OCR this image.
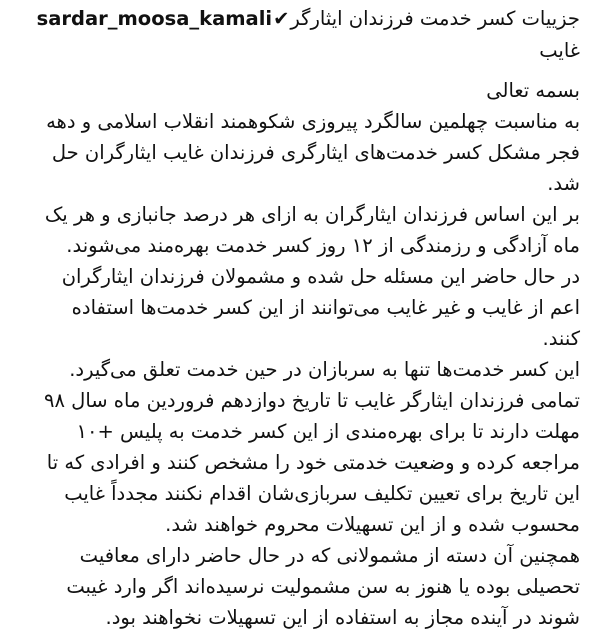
جزییات کسر خدمت فرزندان ایثارگر✔sardar_moosa_kamali
غایب
بسمه تعالی
به مناسبت چهلمین سالگرد پیروزی شکوهمند انقلاب اسلامی و دهه
فجر مشکل کسر خدمت‌های ایثارگری فرزندان غایب ایثارگران حل
شد.
بر این اساس فرزندان ایثارگران به ازای هر درصد جانبازی و هر یک
ماه آزادگی و رزمندگی از ۱۲ روز کسر خدمت بهره‌مند می‌شوند.
در حال حاضر این مسئله حل شده و مشمولان فرزندان ایثارگران
اعم از غایب و غیر غایب می‌توانند از این کسر خدمت‌ها استفاده
کنند.
این کسر خدمت‌ها تنها به سربازان در حین خدمت تعلق می‌گیرد.
تمامی فرزندان ایثارگر غایب تا تاریخ دوازدهم فروردین ماه سال ۹۸
مهلت دارند تا برای بهره‌مندی از این کسر خدمت به پلیس +۱۰
مراجعه کرده و وضعیت خدمتی خود را مشخص کنند و افرادی که تا
این تاریخ برای تعیین تکلیف سربازی‌شان اقدام نکنند مجدداً غایب
محسوب شده و از این تسهیلات محروم خواهند شد.
همچنین آن دسته از مشمولانی که در حال حاضر دارای معافیت
تحصیلی بوده یا هنوز به سن مشمولیت نرسیده‌اند اگر وارد غیبت
شوند در آینده مجاز به استفاده از این تسهیلات نخواهند بود.
